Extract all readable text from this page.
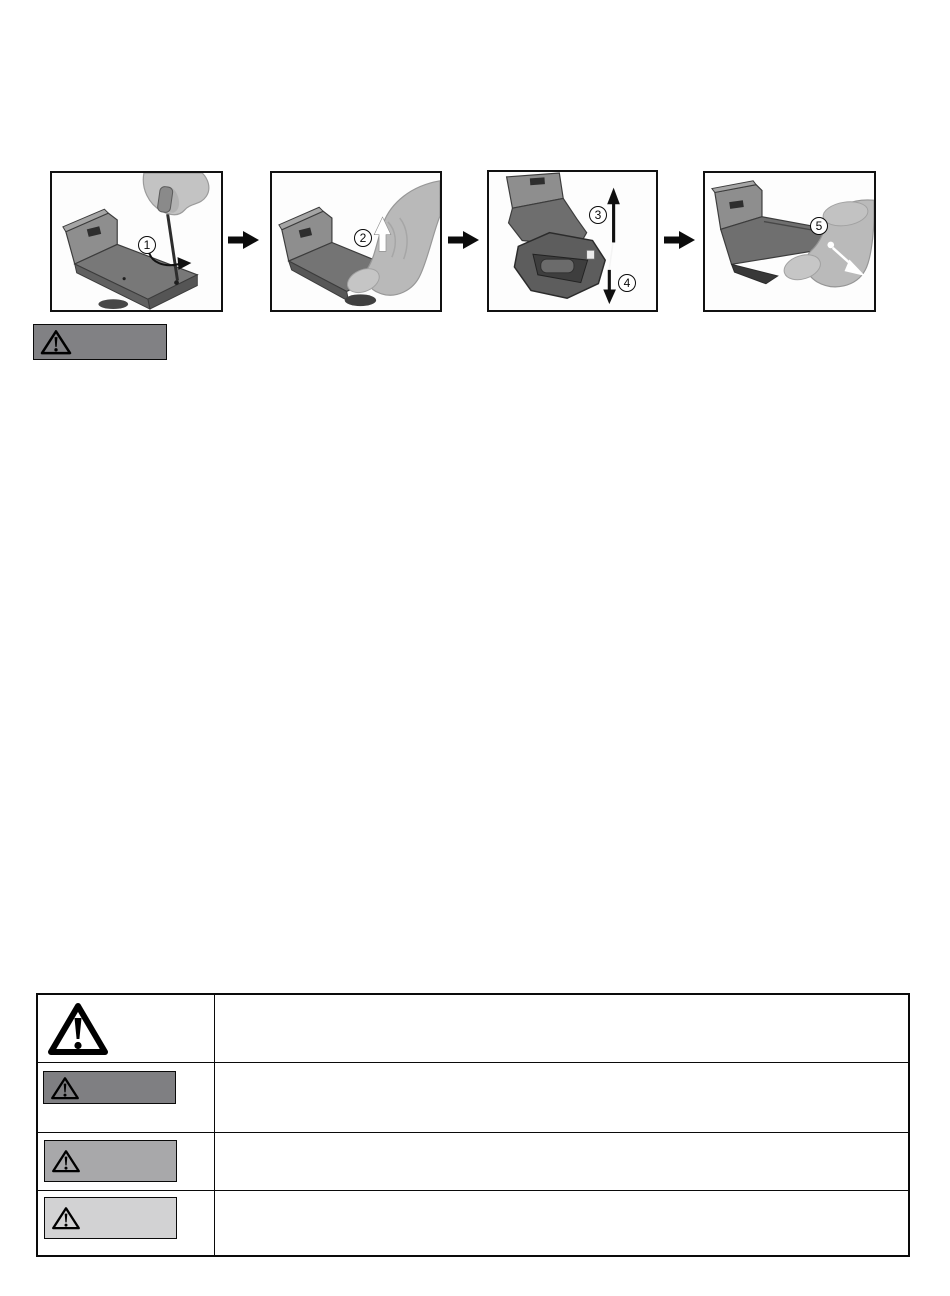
1	2
3
4
5
